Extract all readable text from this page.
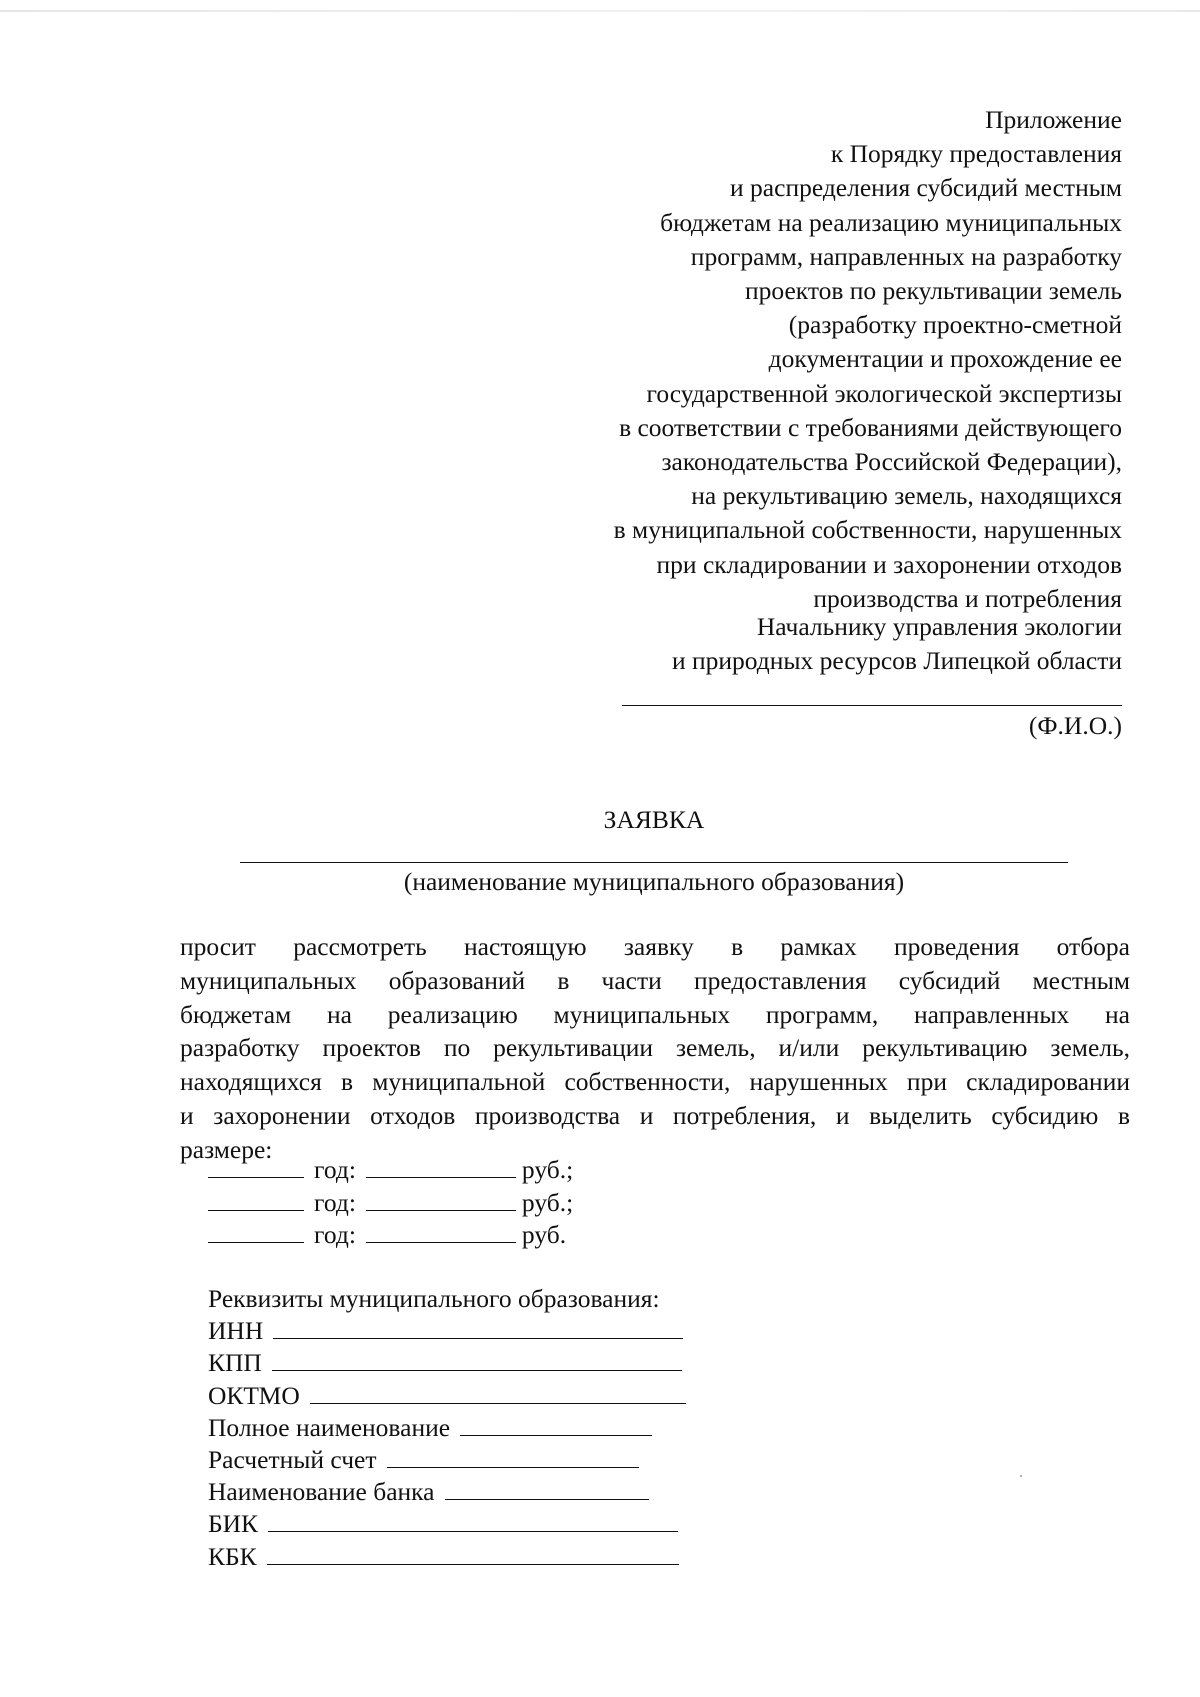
Приложение
к Порядку предоставления
и распределения субсидий местным
бюджетам на реализацию муниципальных
программ, направленных на разработку
проектов по рекультивации земель
(разработку проектно-сметной
документации и прохождение ее
государственной экологической экспертизы
в соответствии с требованиями действующего
законодательства Российской Федерации),
на рекультивацию земель, находящихся
в муниципальной собственности, нарушенных
при складировании и захоронении отходов
производства и потребления
Начальнику управления экологии
и природных ресурсов Липецкой области
(Ф.И.О.)
ЗАЯВКА
(наименование муниципального образования)
просит рассмотреть настоящую заявку в рамках проведения отбора
муниципальных образований в части предоставления субсидий местным
бюджетам на реализацию муниципальных программ, направленных на
разработку проектов по рекультивации земель, и/или рекультивацию земель,
находящихся в муниципальной собственности, нарушенных при складировании
и захоронении отходов производства и потребления, и выделить субсидию в
размере:
год:	руб.;
год:	руб.;
год:	руб.
Реквизиты муниципального образования:
ИНН
КПП
ОКТМО
Полное наименование
Расчетный счет
Наименование банка
БИК
КБК
